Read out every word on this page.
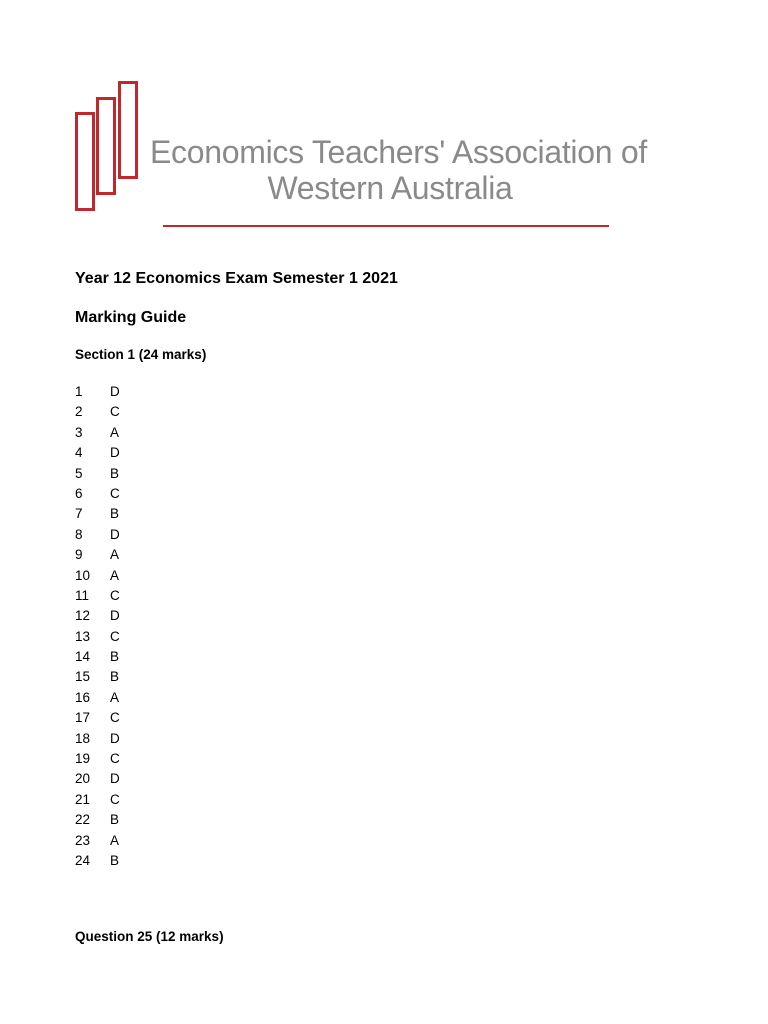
Economics Teachers' Association of
Western Australia
Year 12 Economics Exam Semester 1 2021
Marking Guide
Section 1 (24 marks)
1	D
2	C
3	A
4	D
5	B
6	C
7	B
8	D
9	A
10	A
11	C
12	D
13	C
14	B
15	B
16	A
17	C
18	D
19	C
20	D
21	C
22	B
23	A
24	B
Question 25 (12 marks)
